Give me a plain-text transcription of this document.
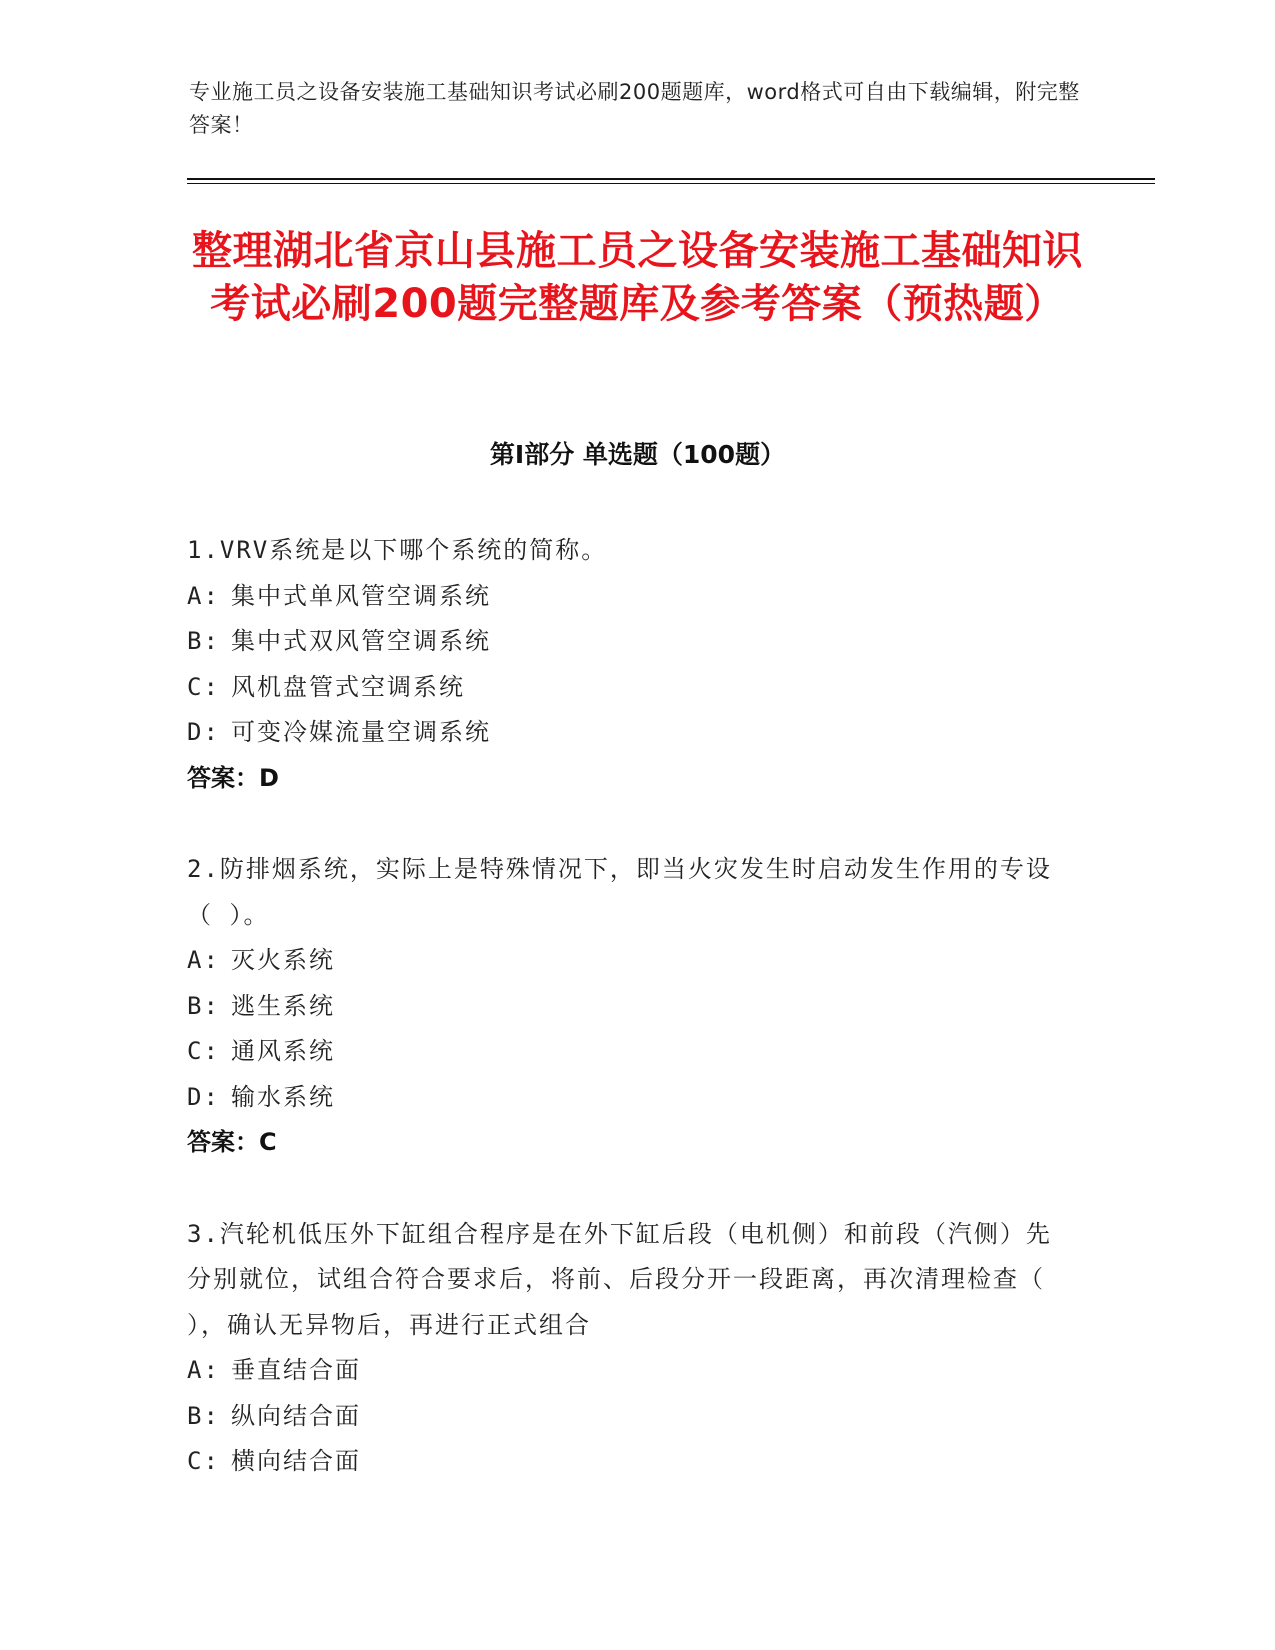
专业施工员之设备安装施工基础知识考试必刷200题题库，word格式可自由下载编辑，附完整答案！
整理湖北省京山县施工员之设备安装施工基础知识考试必刷200题完整题库及参考答案（预热题）
第Ⅰ部分 单选题（100题）
1.VRV系统是以下哪个系统的简称。
A: 集中式单风管空调系统
B: 集中式双风管空调系统
C: 风机盘管式空调系统
D: 可变冷媒流量空调系统
答案：D
2.防排烟系统，实际上是特殊情况下，即当火灾发生时启动发生作用的专设（ ）。
A: 灭火系统
B: 逃生系统
C: 通风系统
D: 输水系统
答案：C
3.汽轮机低压外下缸组合程序是在外下缸后段（电机侧）和前段（汽侧）先分别就位，试组合符合要求后，将前、后段分开一段距离，再次清理检查（ ），确认无异物后，再进行正式组合
A: 垂直结合面
B: 纵向结合面
C: 横向结合面
